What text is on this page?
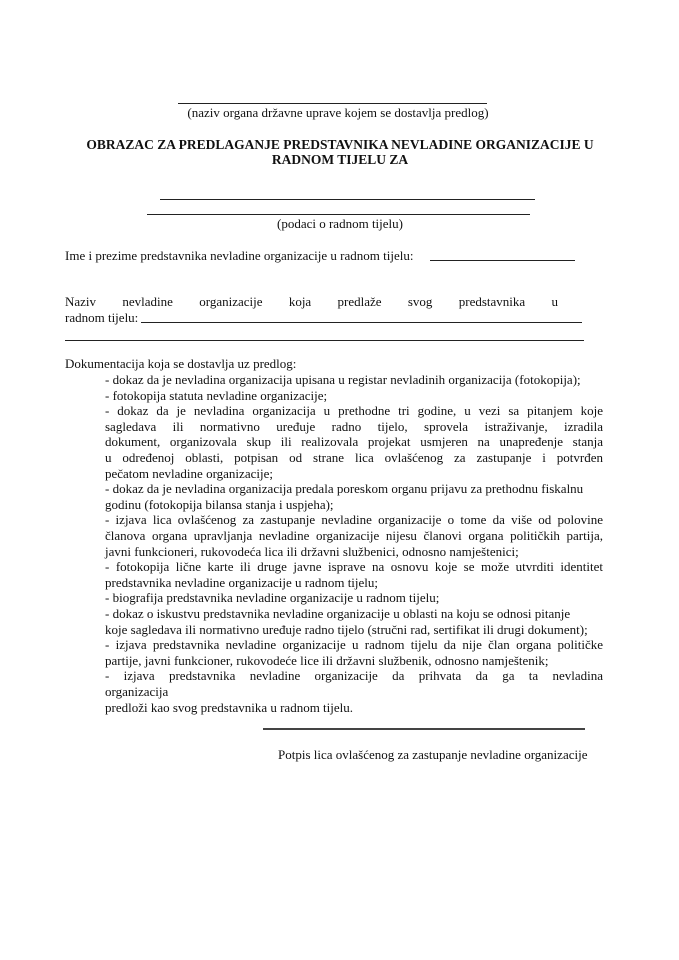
(naziv organa državne uprave kojem se dostavlja predlog)
OBRAZAC ZA PREDLAGANJE PREDSTAVNIKA NEVLADINE ORGANIZACIJE U
RADNOM TIJELU ZA
(podaci o radnom tijelu)
Ime i prezime predstavnika nevladine organizacije u radnom tijelu:
Naziv nevladine organizacije koja predlaže svog predstavnika u
radnom tijelu:
Dokumentacija koja se dostavlja uz predlog:
- dokaz da je nevladina organizacija upisana u registar nevladinih organizacija (fotokopija);
- fotokopija statuta nevladine organizacije;
- dokaz da je nevladina organizacija u prethodne tri godine, u vezi sa pitanjem koje
sagledava ili normativno uređuje radno tijelo, sprovela istraživanje, izradila
dokument, organizovala skup ili realizovala projekat usmjeren na unapređenje stanja
u određenoj oblasti, potpisan od strane lica ovlašćenog za zastupanje i potvrđen
pečatom nevladine organizacije;
- dokaz da je nevladina organizacija predala poreskom organu prijavu za prethodnu fiskalnu
godinu (fotokopija bilansa stanja i uspjeha);
- izjava lica ovlašćenog za zastupanje nevladine organizacije o tome da više od polovine
članova organa upravljanja nevladine organizacije nijesu članovi organa političkih partija,
javni funkcioneri, rukovodeća lica ili državni službenici, odnosno namještenici;
- fotokopija lične karte ili druge javne isprave na osnovu koje se može utvrditi identitet
predstavnika nevladine organizacije u radnom tijelu;
- biografija predstavnika nevladine organizacije u radnom tijelu;
- dokaz o iskustvu predstavnika nevladine organizacije u oblasti na koju se odnosi pitanje
koje sagledava ili normativno uređuje radno tijelo (stručni rad, sertifikat ili drugi dokument);
- izjava predstavnika nevladine organizacije u radnom tijelu da nije član organa političke
partije, javni funkcioner, rukovodeće lice ili državni službenik, odnosno namještenik;
- izjava predstavnika nevladine organizacije da prihvata da ga ta nevladina
organizacija
predloži kao svog predstavnika u radnom tijelu.
Potpis lica ovlašćenog za zastupanje nevladine organizacije
